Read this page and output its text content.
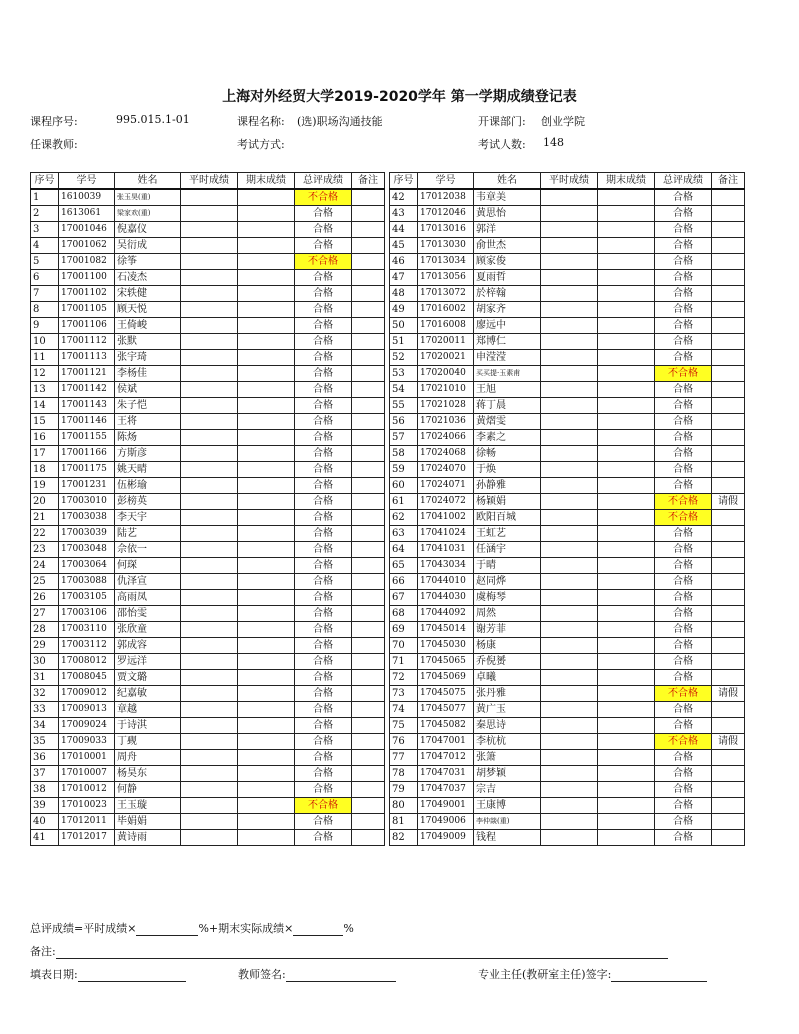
上海对外经贸大学2019-2020学年 第一学期成绩登记表
课程序号:	995.015.1-01	课程名称: (选)职场沟通技能	开课部门: 创业学院
任课教师:	考试方式:	考试人数: 148
序号	学号	姓名	平时成绩	期末成绩	总评成绩	备注
1	1610039	张玉昊(重)			不合格	
2	1613061	梁家欢(重)			合格	
3	17001046	倪嘉仪			合格	
4	17001062	吴衍成			合格	
5	17001082	徐筝			不合格	
6	17001100	石凌杰			合格	
7	17001102	宋轶健			合格	
8	17001105	顾天悦			合格	
9	17001106	王倚峻			合格	
10	17001112	张默			合格	
11	17001113	张宇琦			合格	
12	17001121	李杨佳			合格	
13	17001142	侯斌			合格	
14	17001143	朱子恺			合格	
15	17001146	王将			合格	
16	17001155	陈炀			合格	
17	17001166	方斯彦			合格	
18	17001175	姚天晴			合格	
19	17001231	伍彬瑜			合格	
20	17003010	彭榜英			合格	
21	17003038	李天宇			合格	
22	17003039	陆艺			合格	
23	17003048	佘依一			合格	
24	17003064	何琛			合格	
25	17003088	仇泽宣			合格	
26	17003105	高雨凤			合格	
27	17003106	邵怡雯			合格	
28	17003110	张欣童			合格	
29	17003112	郭成容			合格	
30	17008012	罗远洋			合格	
31	17008045	贾文璐			合格	
32	17009012	纪嘉敏			合格	
33	17009013	章越			合格	
34	17009024	于诗淇			合格	
35	17009033	丁觋			合格	
36	17010001	周舟			合格	
37	17010007	杨昊东			合格	
38	17010012	何静			合格	
39	17010023	王玉璇			不合格	
40	17012011	毕娟娟			合格	
41	17012017	黄诗雨			合格	
序号	学号	姓名	平时成绩	期末成绩	总评成绩	备注
42	17012038	韦章美			合格	
43	17012046	黄思怡			合格	
44	17013016	郭洋			合格	
45	17013030	俞世杰			合格	
46	17013034	顾家俊			合格	
47	17013056	夏雨哲			合格	
48	17013072	於梓翰			合格	
49	17016002	胡家齐			合格	
50	17016008	廖远中			合格	
51	17020011	郑博仁			合格	
52	17020021	申滢滢			合格	
53	17020040	买买提·玉素甫			不合格	
54	17021010	王旭			合格	
55	17021028	蒋丁晨			合格	
56	17021036	黄熠雯			合格	
57	17024066	李素之			合格	
58	17024068	徐畅			合格	
59	17024070	于焕			合格	
60	17024071	孙静雅			合格	
61	17024072	杨颖娟			不合格	请假
62	17041002	欧阳百城			不合格	
63	17041024	王虹艺			合格	
64	17041031	任涵宇			合格	
65	17043034	于晴			合格	
66	17044010	赵同烨			合格	
67	17044030	虞梅琴			合格	
68	17044092	周然			合格	
69	17045014	谢芳菲			合格	
70	17045030	杨康			合格	
71	17045065	乔倪赟			合格	
72	17045069	卓曦			合格	
73	17045075	张丹雅			不合格	请假
74	17045077	黄广玉			合格	
75	17045082	秦思诗			合格	
76	17047001	李杭杭			不合格	请假
77	17047012	张箫			合格	
78	17047031	胡梦颖			合格	
79	17047037	宗吉			合格	
80	17049001	王康博			合格	
81	17049006	李仲燚(重)			合格	
82	17049009	钱程			合格	
总评成绩=平时成绩×	%+期末实际成绩×	%
备注:
填表日期:	教师签名:	专业主任(教研室主任)签字:
